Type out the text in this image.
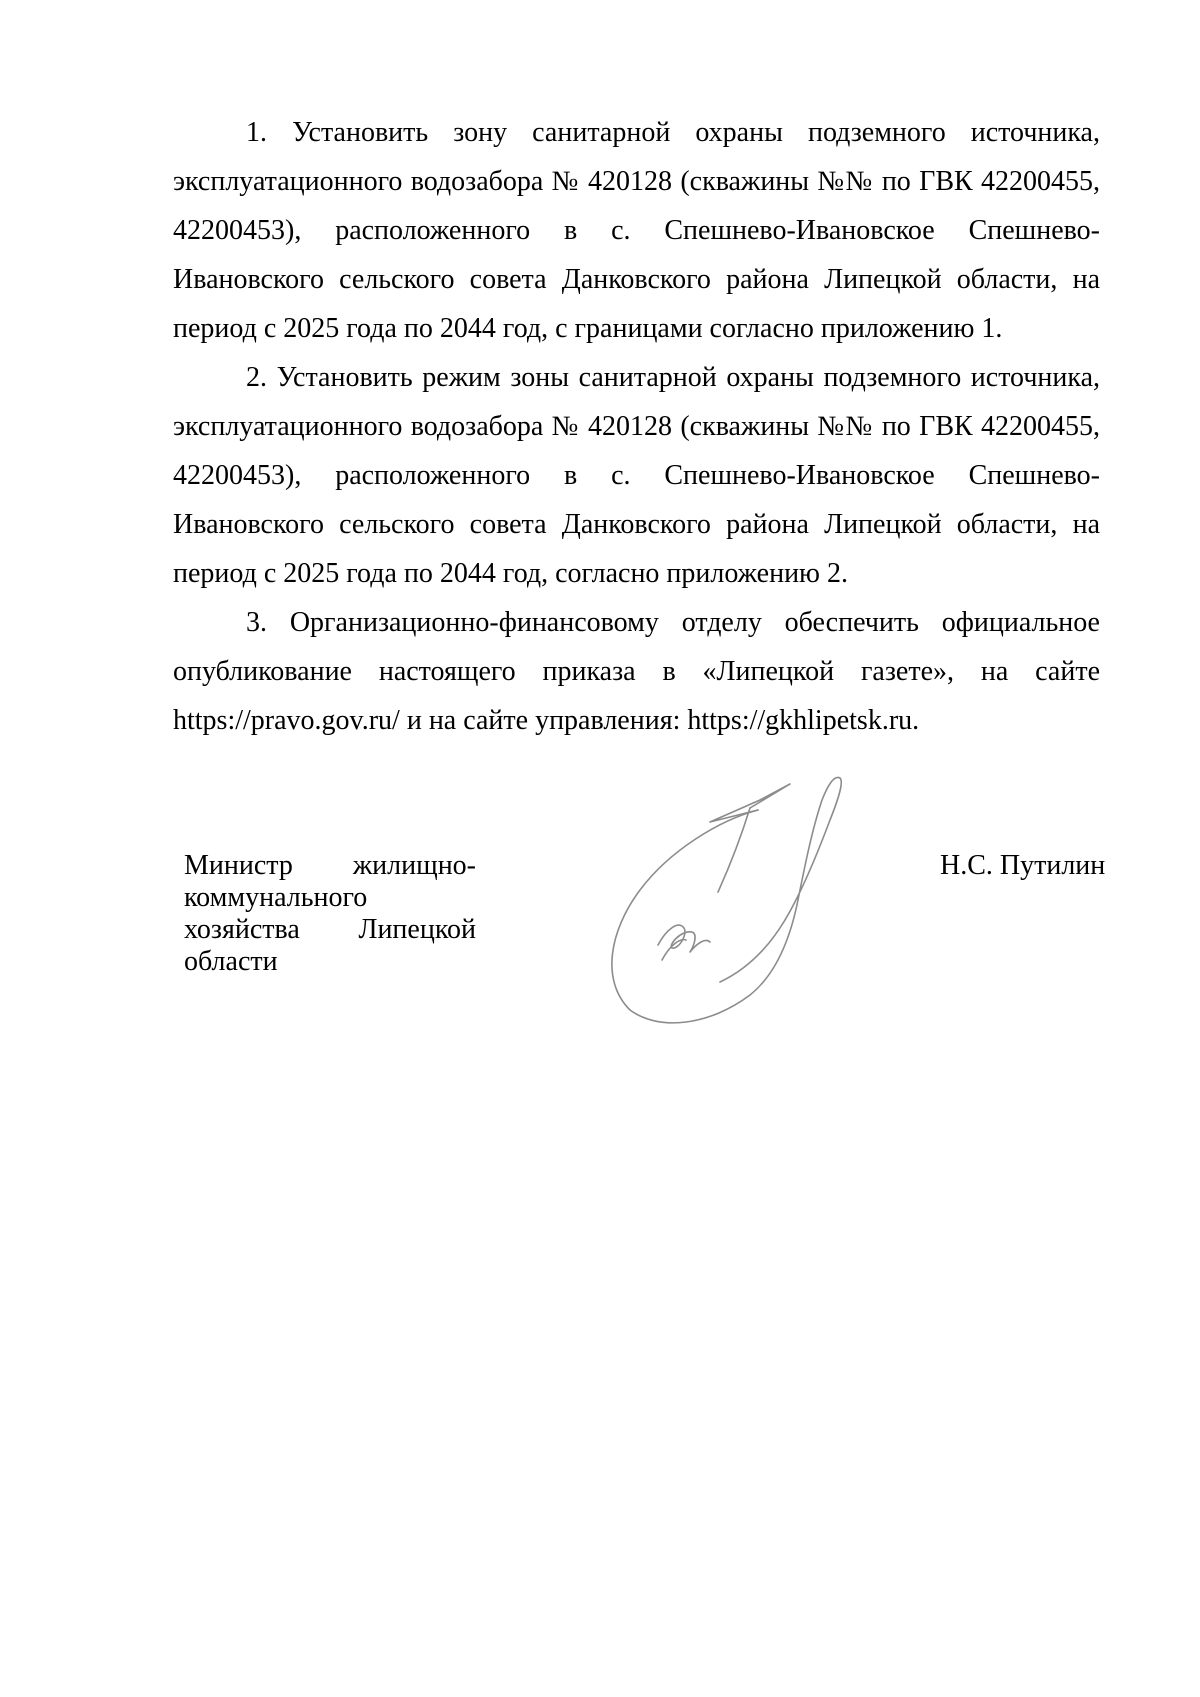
1. Установить зону санитарной охраны подземного источника, эксплуатационного водозабора № 420128 (скважины №№ по ГВК 42200455, 42200453), расположенного в с. Спешнево-Ивановское Спешнево-Ивановского сельского совета Данковского района Липецкой области, на период с 2025 года по 2044 год, с границами согласно приложению 1.

2. Установить режим зоны санитарной охраны подземного источника, эксплуатационного водозабора № 420128 (скважины №№ по ГВК 42200455, 42200453), расположенного в с. Спешнево-Ивановское Спешнево-Ивановского сельского совета Данковского района Липецкой области, на период с 2025 года по 2044 год, согласно приложению 2.

3. Организационно-финансовому отделу обеспечить официальное опубликование настоящего приказа в «Липецкой газете», на сайте https://pravo.gov.ru/ и на сайте управления: https://gkhlipetsk.ru.

Министр жилищно-коммунального хозяйства Липецкой области
Н.С. Путилин
